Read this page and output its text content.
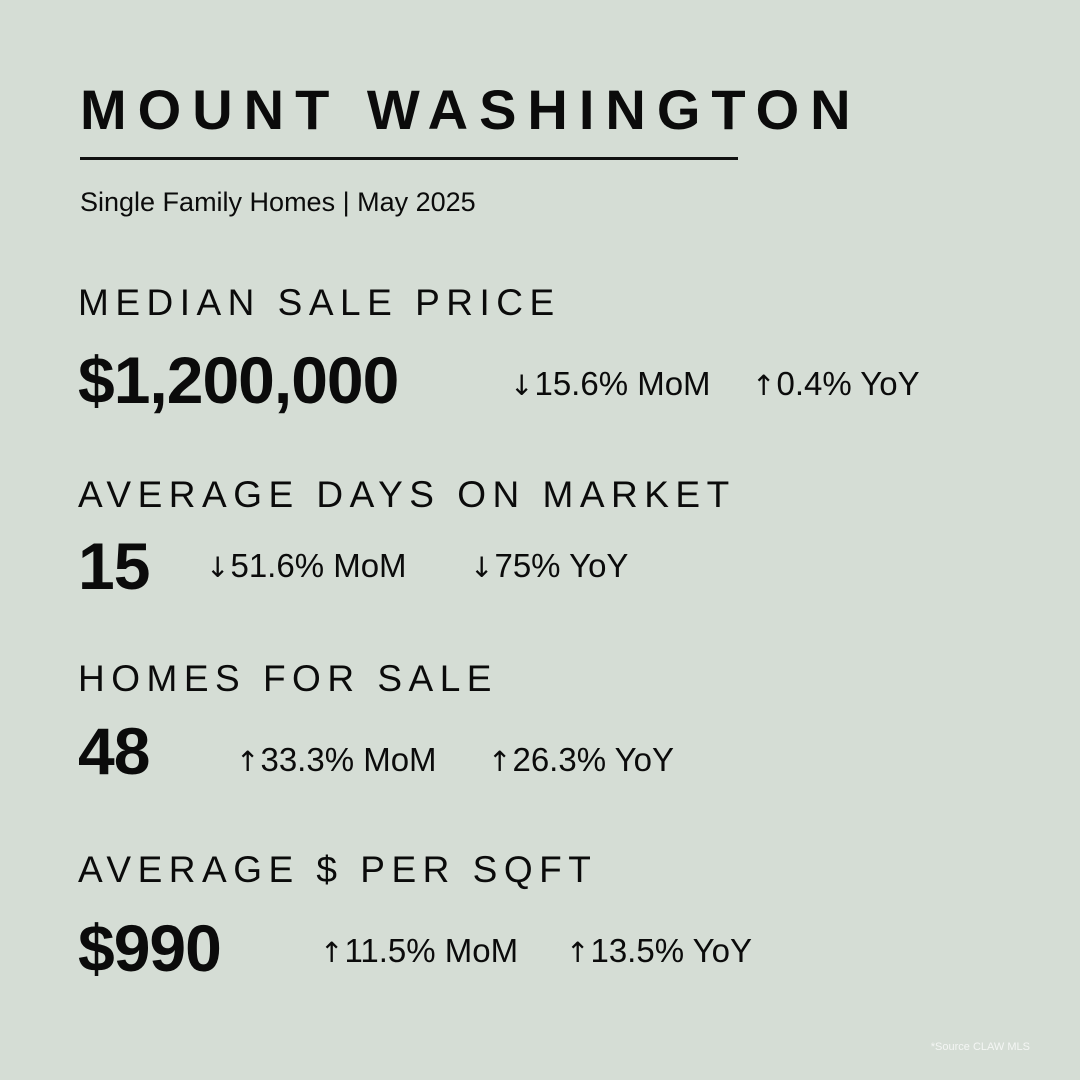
MOUNT WASHINGTON
Single Family Homes | May 2025
MEDIAN SALE PRICE
$1,200,000	↓15.6% MoM ↑0.4% YoY
AVERAGE DAYS ON MARKET
15 ↓51.6% MoM ↓75% YoY
HOMES FOR SALE
48	↑33.3% MoM ↑26.3% YoY
AVERAGE $ PER SQFT
$990	↑11.5% MoM ↑13.5% YoY
*Source CLAW MLS
